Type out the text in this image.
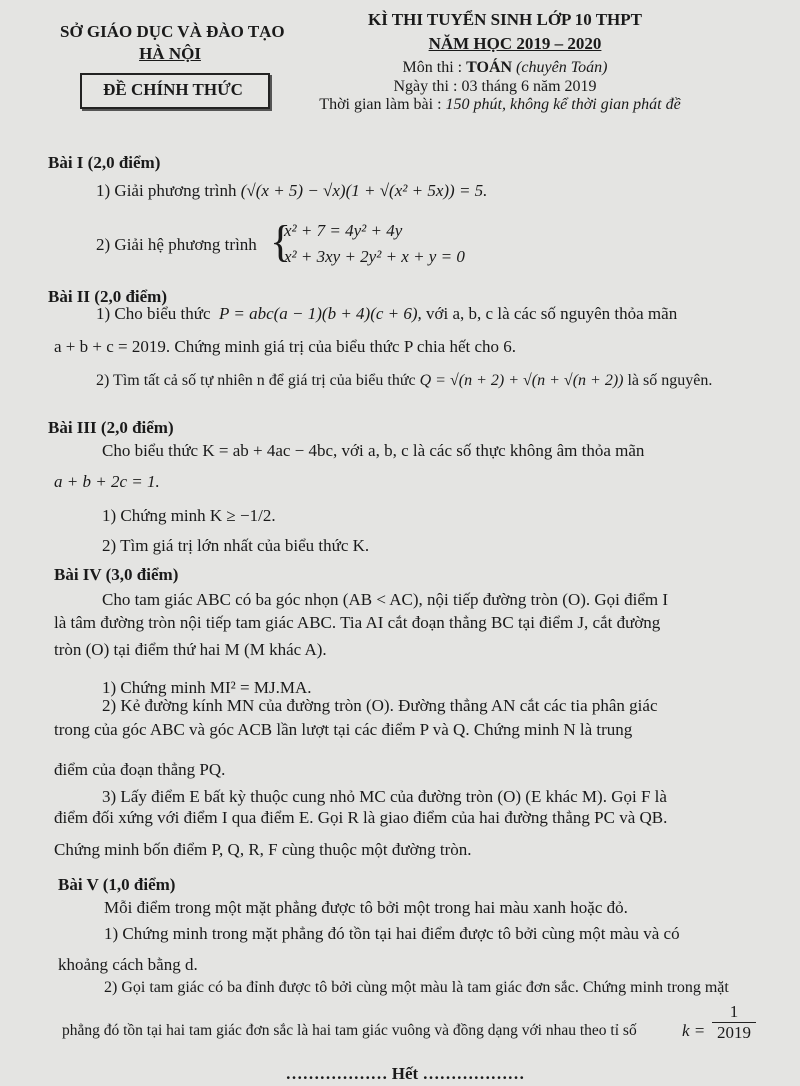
SỞ GIÁO DỤC VÀ ĐÀO TẠO
HÀ NỘI
ĐỀ CHÍNH THỨC
KÌ THI TUYỂN SINH LỚP 10 THPT
NĂM HỌC 2019 – 2020
Môn thi : TOÁN (chuyên Toán)
Ngày thi : 03 tháng 6 năm 2019
Thời gian làm bài : 150 phút, không kể thời gian phát đề
Bài I (2,0 điểm)
1) Giải phương trình (√(x + 5) − √x)(1 + √(x² + 5x)) = 5.
2) Giải hệ phương trình {
x² + 7 = 4y² + 4y
x² + 3xy + 2y² + x + y = 0
Bài II (2,0 điểm)
1) Cho biểu thức P = abc(a − 1)(b + 4)(c + 6), với a, b, c là các số nguyên thỏa mãn
a + b + c = 2019. Chứng minh giá trị của biểu thức P chia hết cho 6.
2) Tìm tất cả số tự nhiên n để giá trị của biểu thức Q = √(n + 2) + √(n + √(n + 2)) là số nguyên.
Bài III (2,0 điểm)
Cho biểu thức K = ab + 4ac − 4bc, với a, b, c là các số thực không âm thỏa mãn
a + b + 2c = 1.
1) Chứng minh K ≥ −1/2.
2) Tìm giá trị lớn nhất của biểu thức K.
Bài IV (3,0 điểm)
Cho tam giác ABC có ba góc nhọn (AB < AC), nội tiếp đường tròn (O). Gọi điểm I
là tâm đường tròn nội tiếp tam giác ABC. Tia AI cắt đoạn thẳng BC tại điểm J, cắt đường
tròn (O) tại điểm thứ hai M (M khác A).
1) Chứng minh MI² = MJ.MA.
2) Kẻ đường kính MN của đường tròn (O). Đường thẳng AN cắt các tia phân giác
trong của góc ABC và góc ACB lần lượt tại các điểm P và Q. Chứng minh N là trung
điểm của đoạn thẳng PQ.
3) Lấy điểm E bất kỳ thuộc cung nhỏ MC của đường tròn (O) (E khác M). Gọi F là
điểm đối xứng với điểm I qua điểm E. Gọi R là giao điểm của hai đường thẳng PC và QB.
Chứng minh bốn điểm P, Q, R, F cùng thuộc một đường tròn.
Bài V (1,0 điểm)
Mỗi điểm trong một mặt phẳng được tô bởi một trong hai màu xanh hoặc đỏ.
1) Chứng minh trong mặt phẳng đó tồn tại hai điểm được tô bởi cùng một màu và có
khoảng cách bằng d.
2) Gọi tam giác có ba đỉnh được tô bởi cùng một màu là tam giác đơn sắc. Chứng minh trong mặt
phẳng đó tồn tại hai tam giác đơn sắc là hai tam giác vuông và đồng dạng với nhau theo tỉ số	$k = \frac{1}{2019}$
……………… Hết ………………
